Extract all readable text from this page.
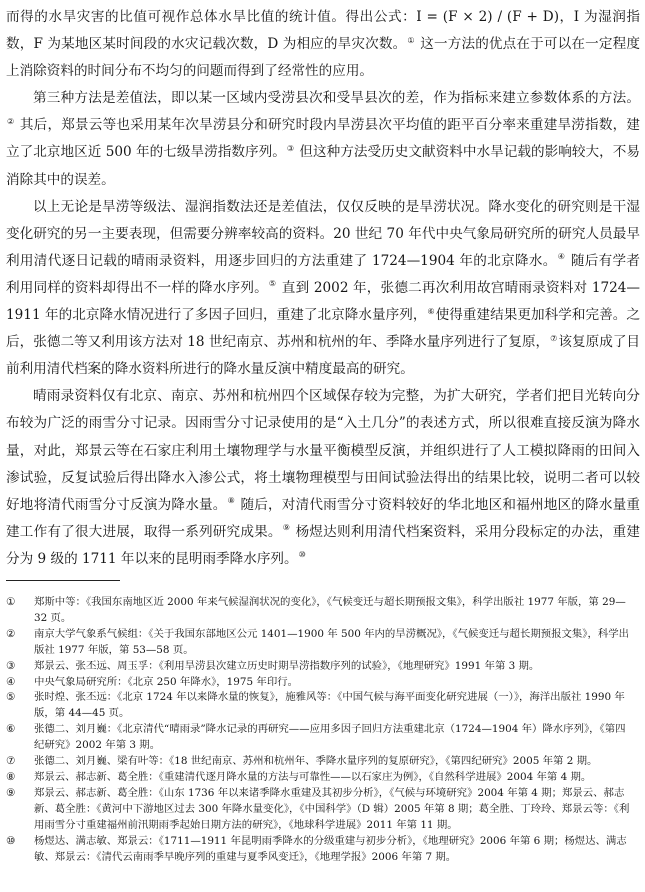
而得的水旱灾害的比值可视作总体水旱比值的统计值。得出公式：I = (F × 2) / (F + D)，I 为湿润指数，F 为某地区某时间段的水灾记载次数，D 为相应的旱灾次数。① 这一方法的优点在于可以在一定程度上消除资料的时间分布不均匀的问题而得到了经常性的应用。

第三种方法是差值法，即以某一区域内受涝县次和受旱县次的差，作为指标来建立参数体系的方法。② 其后，郑景云等也采用某年次旱涝县分和研究时段内旱涝县次平均值的距平百分率来重建旱涝指数，建立了北京地区近 500 年的七级旱涝指数序列。③ 但这种方法受历史文献资料中水旱记载的影响较大，不易消除其中的误差。

以上无论是旱涝等级法、湿润指数法还是差值法，仅仅反映的是旱涝状况。降水变化的研究则是干湿变化研究的另一主要表现，但需要分辨率较高的资料。20 世纪 70 年代中央气象局研究所的研究人员最早利用清代逐日记载的晴雨录资料，用逐步回归的方法重建了 1724—1904 年的北京降水。④ 随后有学者利用同样的资料却得出不一样的降水序列。⑤ 直到 2002 年，张德二再次利用故宫晴雨录资料对 1724—1911 年的北京降水情况进行了多因子回归，重建了北京降水量序列，⑥使得重建结果更加科学和完善。之后，张德二等又利用该方法对 18 世纪南京、苏州和杭州的年、季降水量序列进行了复原，⑦该复原成了目前利用清代档案的降水资料所进行的降水量反演中精度最高的研究。

晴雨录资料仅有北京、南京、苏州和杭州四个区域保存较为完整，为扩大研究，学者们把目光转向分布较为广泛的雨雪分寸记录。因雨雪分寸记录使用的是“入土几分”的表述方式，所以很难直接反演为降水量，对此，郑景云等在石家庄利用土壤物理学与水量平衡模型反演，并组织进行了人工模拟降雨的田间入渗试验，反复试验后得出降水入渗公式，将土壤物理模型与田间试验法得出的结果比较，说明二者可以较好地将清代雨雪分寸反演为降水量。⑧ 随后，对清代雨雪分寸资料较好的华北地区和福州地区的降水量重建工作有了很大进展，取得一系列研究成果。⑨ 杨煜达则利用清代档案资料，采用分段标定的办法，重建分为 9 级的 1711 年以来的昆明雨季降水序列。⑩

① 郑斯中等：《我国东南地区近 2000 年来气候湿润状况的变化》，《气候变迁与超长期预报文集》，科学出版社 1977 年版，第 29—32 页。

② 南京大学气象系气候组：《关于我国东部地区公元 1401—1900 年 500 年内的旱涝概况》，《气候变迁与超长期预报文集》，科学出版社 1977 年版，第 53—58 页。

③ 郑景云、张丕远、周玉孚：《利用旱涝县次建立历史时期旱涝指数序列的试验》，《地理研究》1991 年第 3 期。

④ 中央气象局研究所：《北京 250 年降水》，1975 年印行。

⑤ 张时煌、张丕远：《北京 1724 年以来降水量的恢复》，施雅风等：《中国气候与海平面变化研究进展（一）》，海洋出版社 1990 年版，第 44—45 页。

⑥ 张德二、刘月巍：《北京清代“晴雨录”降水记录的再研究——应用多因子回归方法重建北京（1724—1904 年）降水序列》，《第四纪研究》2002 年第 3 期。

⑦ 张德二、刘月巍、梁有叶等：《18 世纪南京、苏州和杭州年、季降水量序列的复原研究》，《第四纪研究》2005 年第 2 期。

⑧ 郑景云、郝志新、葛全胜：《重建清代逐月降水量的方法与可靠性——以石家庄为例》，《自然科学进展》2004 年第 4 期。

⑨ 郑景云、郝志新、葛全胜：《山东 1736 年以来诸季降水重建及其初步分析》，《气候与环境研究》2004 年第 4 期；郑景云、郝志新、葛全胜：《黄河中下游地区过去 300 年降水量变化》，《中国科学》（D 辑）2005 年第 8 期；葛全胜、丁玲玲、郑景云等：《利用雨雪分寸重建福州前汛期雨季起始日期方法的研究》，《地球科学进展》2011 年第 11 期。

⑩ 杨煜达、满志敏、郑景云：《1711—1911 年昆明雨季降水的分级重建与初步分析》，《地理研究》2006 年第 6 期；杨煜达、满志敏、郑景云：《清代云南雨季早晚序列的重建与夏季风变迁》，《地理学报》2006 年第 7 期。
